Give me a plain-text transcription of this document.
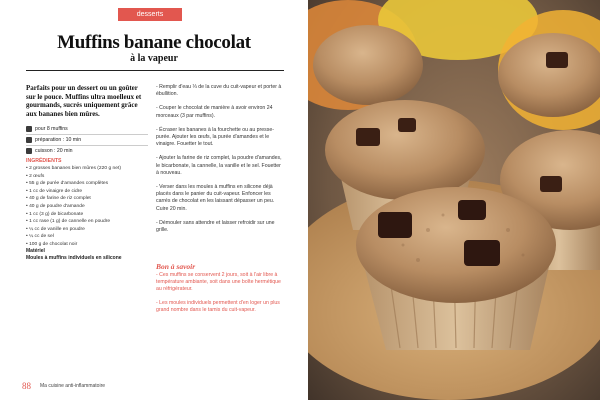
desserts
Muffins banane chocolat
à la vapeur

Parfaits pour un dessert ou un goûter sur le pouce. Muffins ultra moelleux et gourmands, sucrés uniquement grâce aux bananes bien mûres.

pour 8 muffins
préparation : 10 min
cuisson : 20 min
INGRÉDIENTS
• 2 grosses bananes bien mûres (220 g net)
• 2 œufs
• 55 g de purée d'amandes complètes
• 1 cc de vinaigre de cidre
• 40 g de farine de riz complet
• 40 g de poudre d'amande
• 1 cc (3 g) de bicarbonate
• 1 cc rase (1 g) de cannelle en poudre
• ¼ cc de vanille en poudre
• ¼ cc de sel
• 100 g de chocolat noir
Matériel
Moules à muffins individuels en silicone
- Remplir d'eau ⅓ de la cuve du cuit-vapeur et porter à ébullition.
- Couper le chocolat de manière à avoir environ 24 morceaux (3 par muffins).
- Écraser les bananes à la fourchette ou au presse-purée. Ajouter les œufs, la purée d'amandes et le vinaigre. Fouetter le tout.
- Ajouter la farine de riz complet, la poudre d'amandes, le bicarbonate, la cannelle, la vanille et le sel. Fouetter à nouveau.
- Verser dans les moules à muffins en silicone déjà placés dans le panier du cuit-vapeur. Enfoncer les carrés de chocolat en les laissant dépasser un peu. Cuire 20 min.
- Démouler sans attendre et laisser refroidir sur une grille.
Bon à savoir
- Ces muffins se conservent 2 jours, soit à l'air libre à température ambiante, soit dans une boîte hermétique au réfrigérateur.
- Les moules individuels permettent d'en loger un plus grand nombre dans le tamis du cuit-vapeur.
88 Ma cuisine anti-inflammatoire
